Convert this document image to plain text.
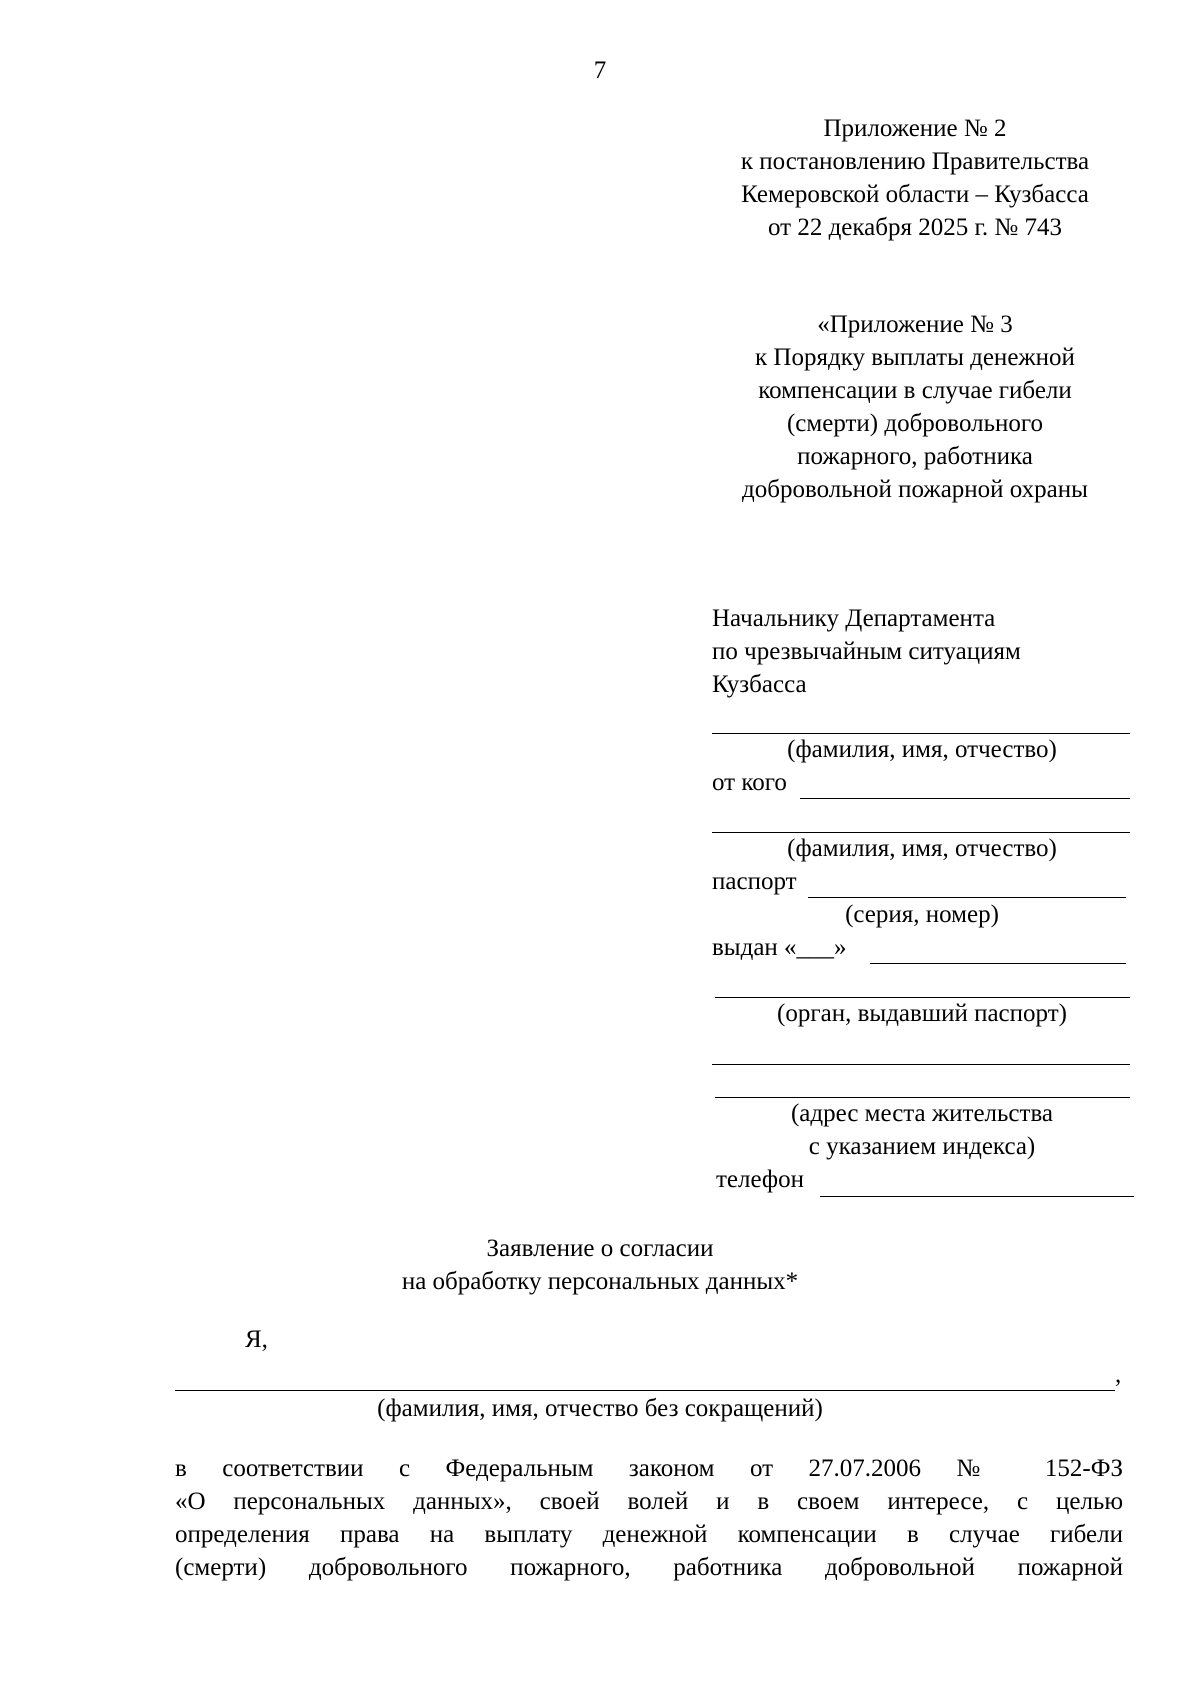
7
Приложение № 2
к постановлению Правительства
Кемеровской области – Кузбасса
от 22 декабря 2025 г. № 743
«Приложение № 3
к Порядку выплаты денежной
компенсации в случае гибели
(смерти) добровольного
пожарного, работника
добровольной пожарной охраны
Начальнику Департамента
по чрезвычайным ситуациям
Кузбасса
(фамилия, имя, отчество)
от кого
(фамилия, имя, отчество)
паспорт
(серия, номер)
выдан «___»
(орган, выдавший паспорт)
(адрес места жительства
с указанием индекса)
телефон
Заявление о согласии
на обработку персональных данных*
Я,
,
(фамилия, имя, отчество без сокращений)
в соответствии с Федеральным законом от 27.07.2006 № 152-ФЗ
«О персональных данных», своей волей и в своем интересе, с целью
определения права на выплату денежной компенсации в случае гибели
(смерти) добровольного пожарного, работника добровольной пожарной
